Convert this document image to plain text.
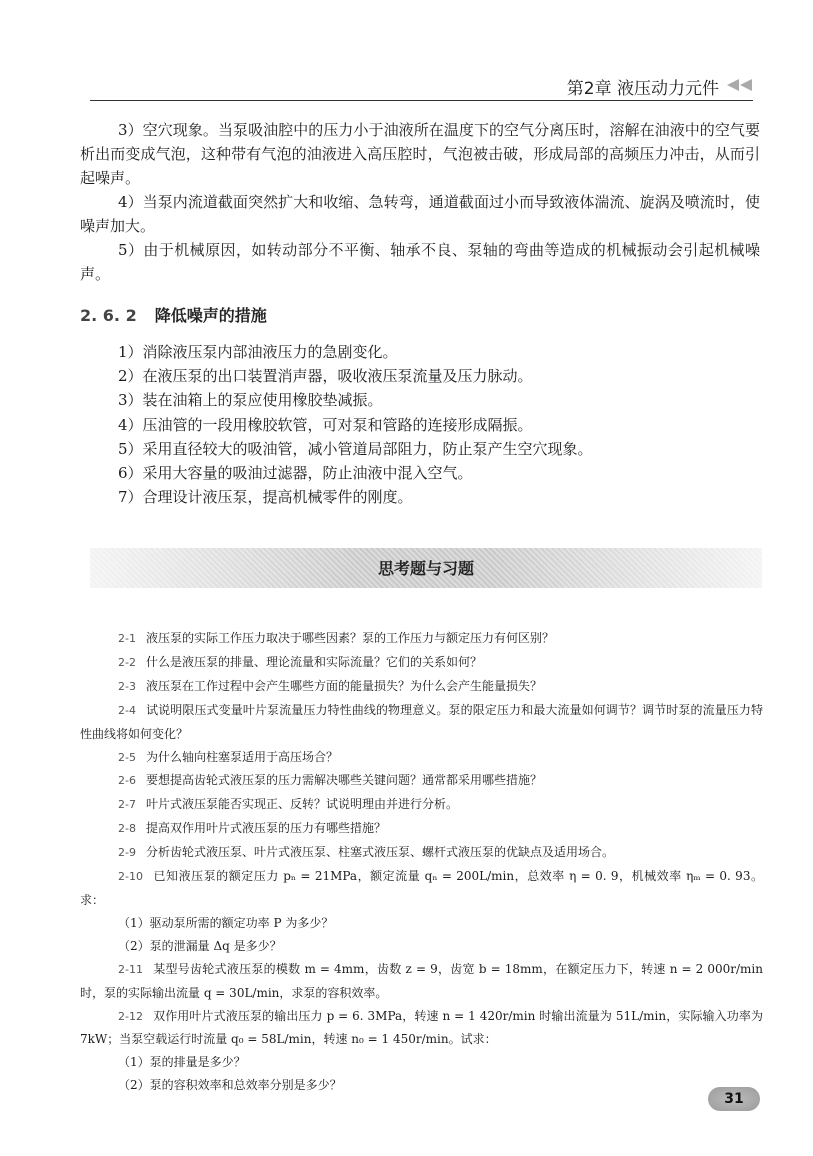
第2章 液压动力元件

3）空穴现象。当泵吸油腔中的压力小于油液所在温度下的空气分离压时，溶解在油液中的空气要析出而变成气泡，这种带有气泡的油液进入高压腔时，气泡被击破，形成局部的高频压力冲击，从而引起噪声。

4）当泵内流道截面突然扩大和收缩、急转弯，通道截面过小而导致液体湍流、旋涡及喷流时，使噪声加大。

5）由于机械原因，如转动部分不平衡、轴承不良、泵轴的弯曲等造成的机械振动会引起机械噪声。

2. 6. 2 降低噪声的措施
1）消除液压泵内部油液压力的急剧变化。
2）在液压泵的出口装置消声器，吸收液压泵流量及压力脉动。
3）装在油箱上的泵应使用橡胶垫减振。
4）压油管的一段用橡胶软管，可对泵和管路的连接形成隔振。
5）采用直径较大的吸油管，减小管道局部阻力，防止泵产生空穴现象。
6）采用大容量的吸油过滤器，防止油液中混入空气。
7）合理设计液压泵，提高机械零件的刚度。
思考题与习题

2-1 液压泵的实际工作压力取决于哪些因素？泵的工作压力与额定压力有何区别？

2-2 什么是液压泵的排量、理论流量和实际流量？它们的关系如何？

2-3 液压泵在工作过程中会产生哪些方面的能量损失？为什么会产生能量损失？

2-4 试说明限压式变量叶片泵流量压力特性曲线的物理意义。泵的限定压力和最大流量如何调节？调节时泵的流量压力特性曲线将如何变化？

2-5 为什么轴向柱塞泵适用于高压场合？

2-6 要想提高齿轮式液压泵的压力需解决哪些关键问题？通常都采用哪些措施？

2-7 叶片式液压泵能否实现正、反转？试说明理由并进行分析。

2-8 提高双作用叶片式液压泵的压力有哪些措施？

2-9 分析齿轮式液压泵、叶片式液压泵、柱塞式液压泵、螺杆式液压泵的优缺点及适用场合。

2-10 已知液压泵的额定压力 pₙ = 21MPa，额定流量 qₙ = 200L/min，总效率 η = 0. 9，机械效率 ηₘ = 0. 93。求：

（1）驱动泵所需的额定功率 P 为多少？

（2）泵的泄漏量 Δq 是多少？

2-11 某型号齿轮式液压泵的模数 m = 4mm，齿数 z = 9，齿宽 b = 18mm，在额定压力下，转速 n = 2 000r/min时，泵的实际输出流量 q = 30L/min，求泵的容积效率。

2-12 双作用叶片式液压泵的输出压力 p = 6. 3MPa，转速 n = 1 420r/min 时输出流量为 51L/min，实际输入功率为 7kW；当泵空载运行时流量 q₀ = 58L/min，转速 n₀ = 1 450r/min。试求：

（1）泵的排量是多少？

（2）泵的容积效率和总效率分别是多少？

31
